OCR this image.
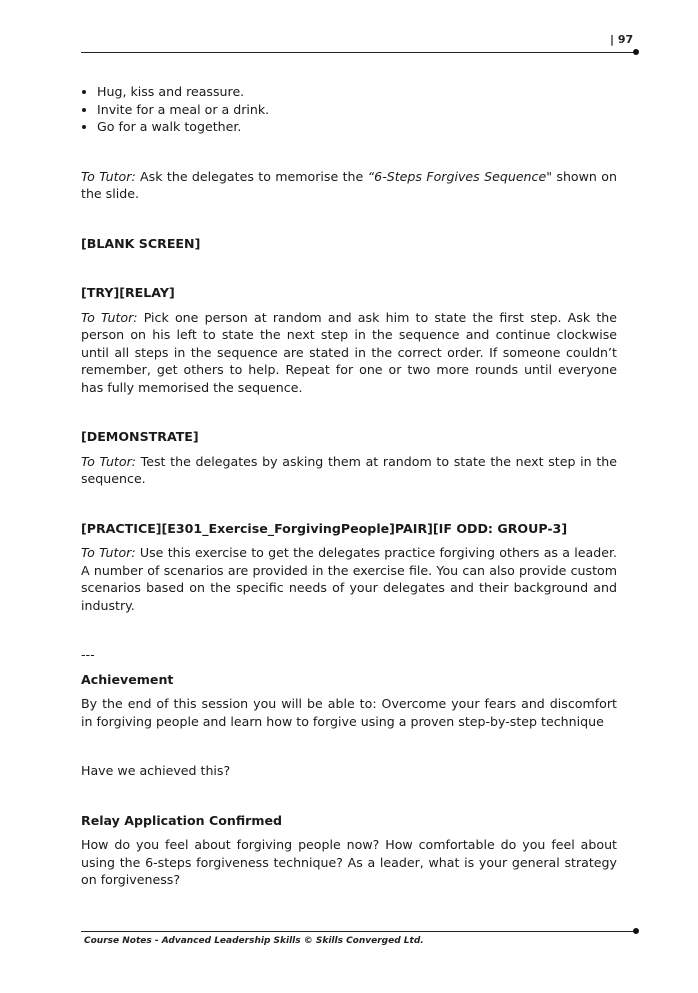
| 97
• Hug, kiss and reassure.
• Invite for a meal or a drink.
• Go for a walk together.

To Tutor: Ask the delegates to memorise the “6-Steps Forgives Sequence" shown on the slide.

[BLANK SCREEN]

[TRY][RELAY]

To Tutor: Pick one person at random and ask him to state the first step. Ask the person on his left to state the next step in the sequence and continue clockwise until all steps in the sequence are stated in the correct order. If someone couldn’t remember, get others to help. Repeat for one or two more rounds until everyone has fully memorised the sequence.

[DEMONSTRATE]

To Tutor: Test the delegates by asking them at random to state the next step in the sequence.

[PRACTICE][E301_Exercise_ForgivingPeople]PAIR][IF ODD: GROUP-3]

To Tutor: Use this exercise to get the delegates practice forgiving others as a leader. A number of scenarios are provided in the exercise file. You can also provide custom scenarios based on the specific needs of your delegates and their background and industry.

---

Achievement

By the end of this session you will be able to: Overcome your fears and discomfort in forgiving people and learn how to forgive using a proven step-by-step technique

Have we achieved this?

Relay Application Confirmed

How do you feel about forgiving people now? How comfortable do you feel about using the 6-steps forgiveness technique? As a leader, what is your general strategy on forgiveness?

Course Notes - Advanced Leadership Skills © Skills Converged Ltd.
